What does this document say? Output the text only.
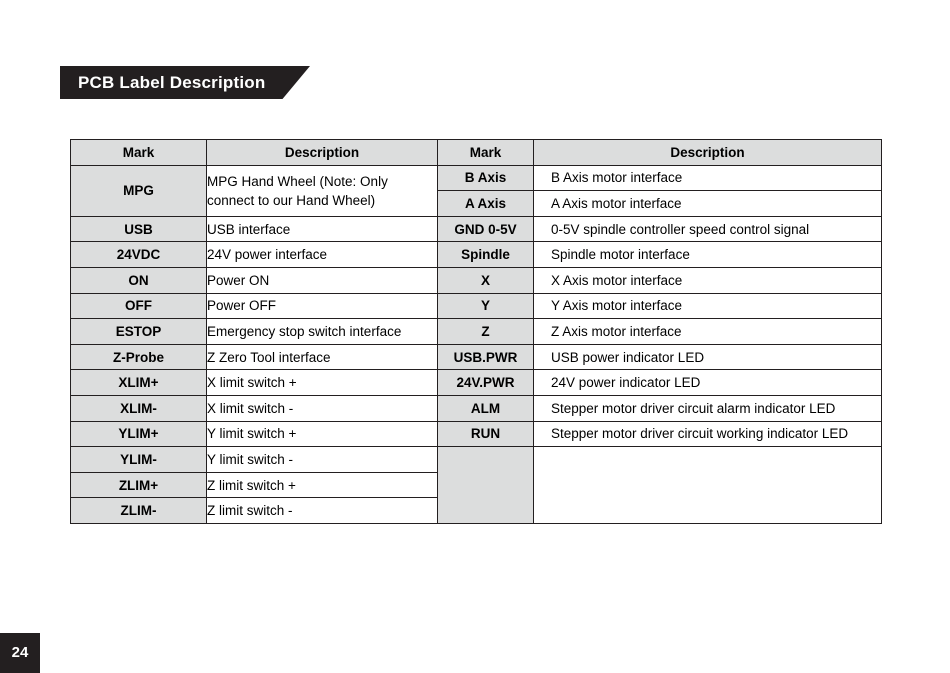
PCB Label Description
Mark	Description	Mark	Description
MPG	MPG Hand Wheel (Note: Only connect to our Hand Wheel)	B Axis	B Axis motor interface
		A Axis	A Axis motor interface
USB	USB interface	GND 0-5V	0-5V spindle controller speed control signal
24VDC	24V power interface	Spindle	Spindle motor interface
ON	Power ON	X	X Axis motor interface
OFF	Power OFF	Y	Y Axis motor interface
ESTOP	Emergency stop switch interface	Z	Z Axis motor interface
Z-Probe	Z Zero Tool interface	USB.PWR	USB power indicator LED
XLIM+	X limit switch +	24V.PWR	24V power indicator LED
XLIM-	X limit switch -	ALM	Stepper motor driver circuit alarm indicator LED
YLIM+	Y limit switch +	RUN	Stepper motor driver circuit working indicator LED
YLIM-	Y limit switch -		
ZLIM+	Z limit switch +		
ZLIM-	Z limit switch -		
24
